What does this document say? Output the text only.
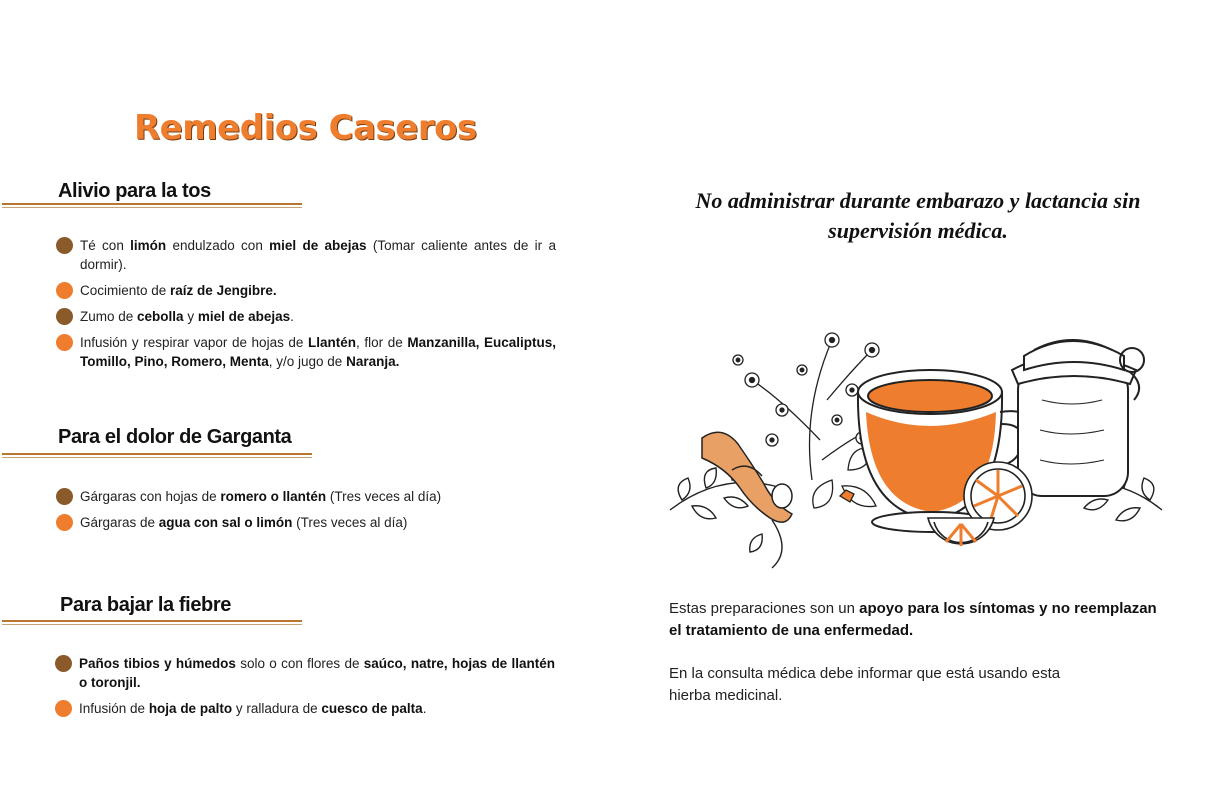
Remedios Caseros
Alivio para la tos
Té con limón endulzado con miel de abejas (Tomar caliente antes de ir a dormir).
Cocimiento de raíz de Jengibre.
Zumo de cebolla y miel de abejas.
Infusión y respirar vapor de hojas de Llantén, flor de Manzanilla, Eucaliptus, Tomillo, Pino, Romero, Menta, y/o jugo de Naranja.
Para el dolor de Garganta
Gárgaras con hojas de romero o llantén (Tres veces al día)
Gárgaras de agua con sal o limón (Tres veces al día)
Para bajar la fiebre
Paños tibios y húmedos solo o con flores de saúco, natre, hojas de llantén o toronjil.
Infusión de hoja de palto y ralladura de cuesco de palta.

No administrar durante embarazo y lactancia sin supervisión médica.

Estas preparaciones son un apoyo para los síntomas y no reemplazan el tratamiento de una enfermedad.

En la consulta médica debe informar que está usando esta hierba medicinal.
